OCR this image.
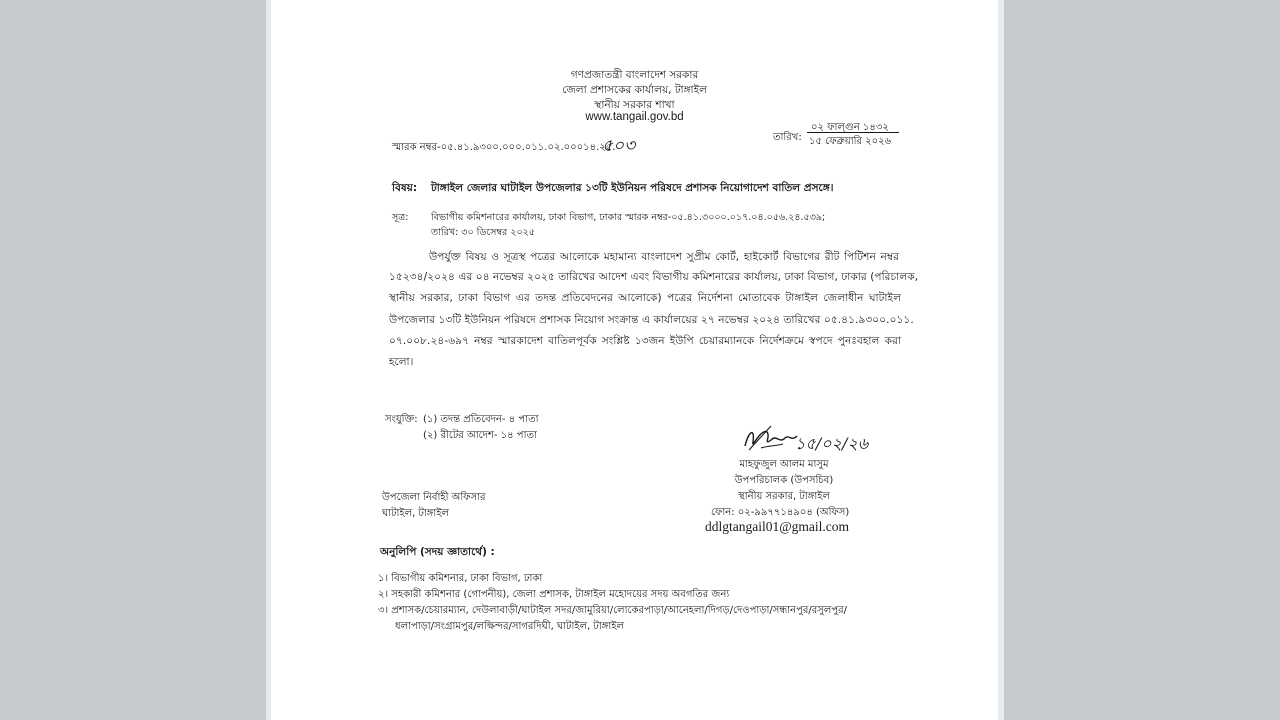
গণপ্রজাতন্ত্রী বাংলাদেশ সরকার
জেলা প্রশাসকের কার্যালয়, টাঙ্গাইল
স্থানীয় সরকার শাখা
www.tangail.gov.bd
স্মারক নম্বর-০৫.৪১.৯৩০০.০০০.০১১.০২.০০০১৪.২৫.
৫০৩	তারিখ:
০২ ফাল্গুন ১৪৩২
১৫ ফেব্রুয়ারি ২০২৬
বিষয়: টাঙ্গাইল জেলার ঘাটাইল উপজেলার ১৩টি ইউনিয়ন পরিষদে প্রশাসক নিয়োগাদেশ বাতিল প্রসঙ্গে।
সূত্র: বিভাগীয় কমিশনারের কার্যালয়, ঢাকা বিভাগ, ঢাকার স্মারক নম্বর-০৫.৪১.৩০০০.০১৭.০৪.০৫৬.২৪.৫৩৯;
তারিখ: ৩০ ডিসেম্বর ২০২৫
উপর্যুক্ত বিষয় ও সূত্রস্থ পত্রের আলোকে মহামান্য বাংলাদেশ সুপ্রীম কোর্ট, হাইকোর্ট বিভাগের রীট পিটিশন নম্বর
১৫২৩৪/২০২৪ এর ০৪ নভেম্বর ২০২৫ তারিখের আদেশ এবং বিভাগীয় কমিশনারের কার্যালয়, ঢাকা বিভাগ, ঢাকার (পরিচালক,
স্থানীয় সরকার, ঢাকা বিভাগ এর তদন্ত প্রতিবেদনের আলোকে) পত্রের নির্দেশনা মোতাবেক টাঙ্গাইল জেলাধীন ঘাটাইল
উপজেলার ১৩টি ইউনিয়ন পরিষদে প্রশাসক নিয়োগ সংক্রান্ত এ কার্যালয়ের ২৭ নভেম্বর ২০২৪ তারিখের ০৫.৪১.৯৩০০.০১১.
০৭.০০৮.২৪-৬৯৭ নম্বর স্মারকাদেশ বাতিলপূর্বক সংশ্লিষ্ট ১৩জন ইউপি চেয়ারম্যানকে নির্দেশক্রমে স্বপদে পুনঃবহাল করা
হলো।
সংযুক্তি: (১) তদন্ত প্রতিবেদন- ৪ পাতা
(২) রীটের আদেশ- ১৪ পাতা	১৫/০২/২৬
মাহফুজুল আলম মাসুম
উপপরিচালক (উপসচিব)
স্থানীয় সরকার, টাঙ্গাইল
ফোন: ০২-৯৯৭৭১৪৯০৪ (অফিস)
ddlgtangail01@gmail.com
উপজেলা নির্বাহী অফিসার
ঘাটাইল, টাঙ্গাইল
অনুলিপি (সদয় জ্ঞাতার্থে) :
১। বিভাগীয় কমিশনার, ঢাকা বিভাগ, ঢাকা
২। সহকারী কমিশনার (গোপনীয়), জেলা প্রশাসক, টাঙ্গাইল মহোদয়ের সদয় অবগতির জন্য
৩। প্রশাসক/চেয়ারম্যান, দেউলাবাড়ী/ঘাটাইল সদর/জামুরিয়া/লোকেরপাড়া/আনেহলা/দিগড়/দেওপাড়া/সন্ধানপুর/রসুলপুর/
ধলাপাড়া/সংগ্রামপুর/লক্ষিন্দর/সাগরদিঘী, ঘাটাইল, টাঙ্গাইল
